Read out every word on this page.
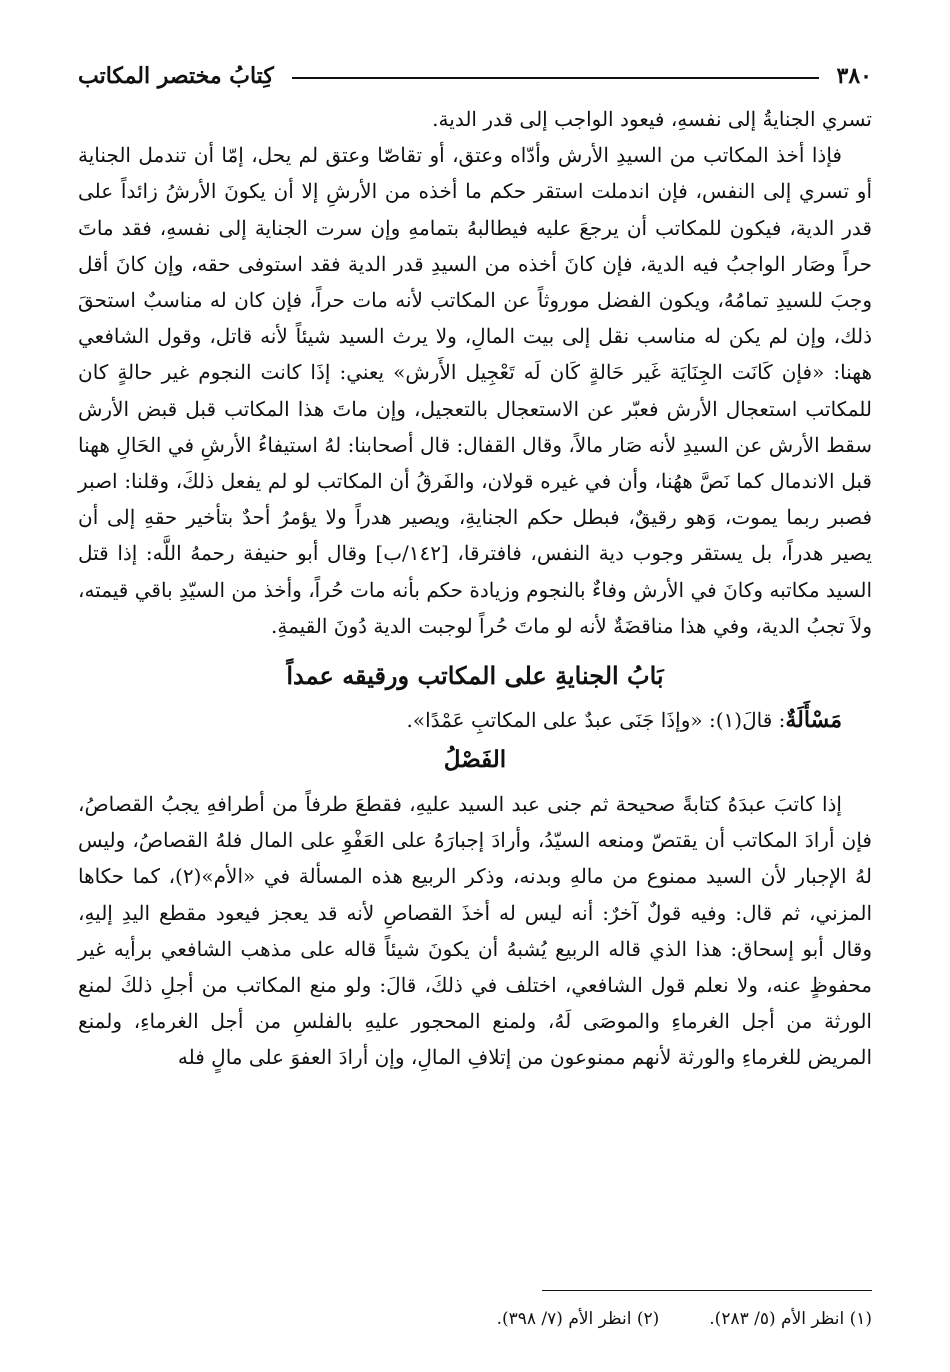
٣٨٠
كِتابُ مختصر المكاتب

تسري الجنايةُ إلى نفسهِ، فيعود الواجب إلى قدر الدية.

فإذا أخذ المكاتب من السيدِ الأرش وأدّاه وعتق، أو تقاصّا وعتق لم يحل، إمّا أن تندمل الجناية أو تسري إلى النفس، فإن اندملت استقر حكم ما أخذه من الأرشِ إلا أن يكونَ الأرشُ زائداً على قدر الدية، فيكون للمكاتب أن يرجعَ عليه فيطالبهُ بتمامهِ وإن سرت الجناية إلى نفسهِ، فقد ماتَ حراً وصَار الواجبُ فيه الدية، فإن كانَ أخذه من السيدِ قدر الدية فقد استوفى حقه، وإن كانَ أقل وجبَ للسيدِ تمامُهُ، ويكون الفضل موروثاً عن المكاتب لأنه مات حراً، فإن كان له مناسبٌ استحقَ ذلك، وإن لم يكن له مناسب نقل إلى بيت المالِ، ولا يرث السيد شيئاً لأنه قاتل، وقول الشافعي ههنا: «فإن كَانَت الجِنَايَة غَير حَالةٍ كَان لَه تَعْجِيل الأَرش» يعني: إذَا كانت النجوم غير حالةٍ كان للمكاتب استعجال الأرش فعبّر عن الاستعجال بالتعجيل، وإن ماتَ هذا المكاتب قبل قبض الأرش سقط الأرش عن السيدِ لأنه صَار مالاً، وقال القفال: قال أصحابنا: لهُ استيفاءُ الأرشِ في الحَالِ ههنا قبل الاندمال كما نَصَّ ههُنا، وأن في غيره قولان، والفَرقُ أن المكاتب لو لم يفعل ذلكَ، وقلنا: اصبر فصبر ربما يموت، وَهو رقيقٌ، فبطل حكم الجنايةِ، ويصير هدراً ولا يؤمرُ أحدٌ بتأخير حقهِ إلى أن يصير هدراً، بل يستقر وجوب دية النفس، فافترقا، [١٤٢/ب] وقال أبو حنيفة رحمهُ اللَّه: إذا قتل السيد مكاتبه وكانَ في الأرش وفاءٌ بالنجوم وزيادة حكم بأنه مات حُراً، وأخذ من السيّدِ باقي قيمته، ولاَ تجبُ الدية، وفي هذا مناقضَةٌ لأنه لو ماتَ حُراً لوجبت الدية دُونَ القيمةِ.

بَابُ الجنايةِ على المكاتب ورقيقه عمداً

مَسْأَلَةٌ: قالَ(١): «وإذَا جَنَى عبدٌ على المكاتبِ عَمْدًا».

الفَصْلُ

إذا كاتبَ عبدَهُ كتابةً صحيحة ثم جنى عبد السيد عليهِ، فقطعَ طرفاً من أطرافهِ يجبُ القصاصُ، فإن أرادَ المكاتب أن يقتصّ ومنعه السيّدُ، وأرادَ إجبارَهُ على العَفْوِ على المال فلهُ القصاصُ، وليس لهُ الإجبار لأن السيد ممنوع من مالهِ وبدنه، وذكر الربيع هذه المسألة في «الأم»(٢)، كما حكاها المزني، ثم قال: وفيه قولٌ آخرٌ: أنه ليس له أخذَ القصاصِ لأنه قد يعجز فيعود مقطع اليدِ إليهِ، وقال أبو إسحاق: هذا الذي قاله الربيع يُشبهُ أن يكونَ شيئاً قاله على مذهب الشافعي برأيه غير محفوظٍ عنه، ولا نعلم قول الشافعي، اختلف في ذلكَ، قالَ: ولو منع المكاتب من أجلِ ذلكَ لمنع الورثة من أجل الغرماءِ والموصَى لَهُ، ولمنع المحجور عليهِ بالفلسِ من أجل الغرماءِ، ولمنع المريض للغرماءِ والورثة لأنهم ممنوعون من إتلافِ المالِ، وإن أرادَ العفوَ على مالٍ فله

(١) انظر الأم (٥/ ٢٨٣).
(٢) انظر الأم (٧/ ٣٩٨).
